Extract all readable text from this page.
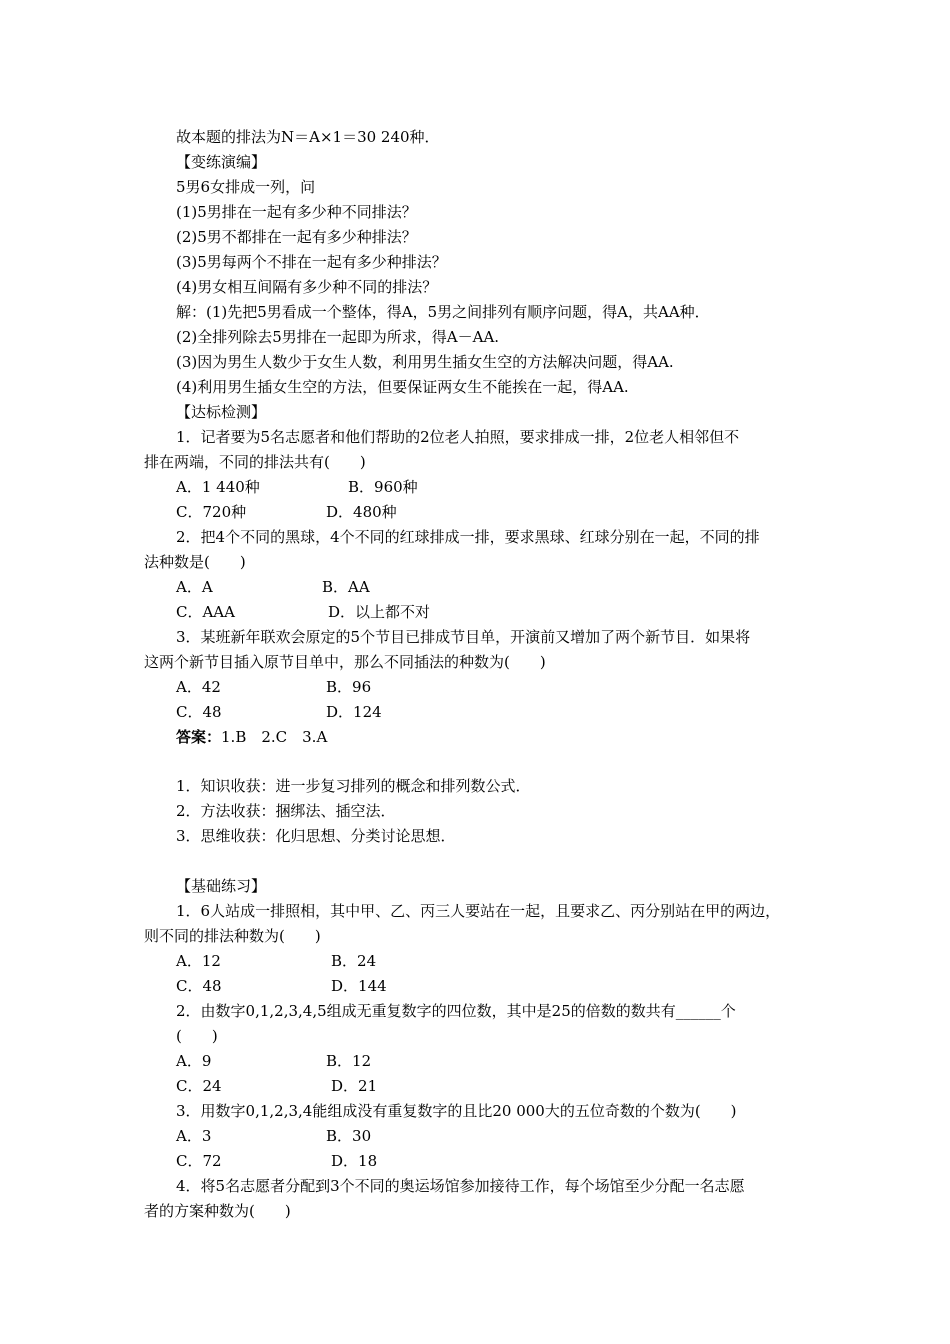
故本题的排法为N＝A×1＝30 240种．
【变练演编】
5男6女排成一列，问
(1)5男排在一起有多少种不同排法？
(2)5男不都排在一起有多少种排法？
(3)5男每两个不排在一起有多少种排法？
(4)男女相互间隔有多少种不同的排法？
解：(1)先把5男看成一个整体，得A，5男之间排列有顺序问题，得A，共AA种．
(2)全排列除去5男排在一起即为所求，得A－AA.
(3)因为男生人数少于女生人数，利用男生插女生空的方法解决问题，得AA.
(4)利用男生插女生空的方法，但要保证两女生不能挨在一起，得AA.
【达标检测】
1．记者要为5名志愿者和他们帮助的2位老人拍照，要求排成一排，2位老人相邻但不
排在两端，不同的排法共有(　　)
A．1 440种	B．960种
C．720种	D．480种
2．把4个不同的黑球，4个不同的红球排成一排，要求黑球、红球分别在一起，不同的排
法种数是(　　)
A．A	B．AA
C．AAA	D．以上都不对
3．某班新年联欢会原定的5个节目已排成节目单，开演前又增加了两个新节目．如果将
这两个新节目插入原节目单中，那么不同插法的种数为(　　)
A．42	B．96
C．48	D．124
答案：1.B　2.C　3.A
1．知识收获：进一步复习排列的概念和排列数公式．
2．方法收获：捆绑法、插空法．
3．思维收获：化归思想、分类讨论思想．
【基础练习】
1．6人站成一排照相，其中甲、乙、丙三人要站在一起，且要求乙、丙分别站在甲的两边，
则不同的排法种数为(　　)
A．12	B．24
C．48	D．144
2．由数字0,1,2,3,4,5组成无重复数字的四位数，其中是25的倍数的数共有______个
(　　)
A．9	B．12
C．24	D．21
3．用数字0,1,2,3,4能组成没有重复数字的且比20 000大的五位奇数的个数为(　　)
A．3	B．30
C．72	D．18
4．将5名志愿者分配到3个不同的奥运场馆参加接待工作，每个场馆至少分配一名志愿
者的方案种数为(　　)
